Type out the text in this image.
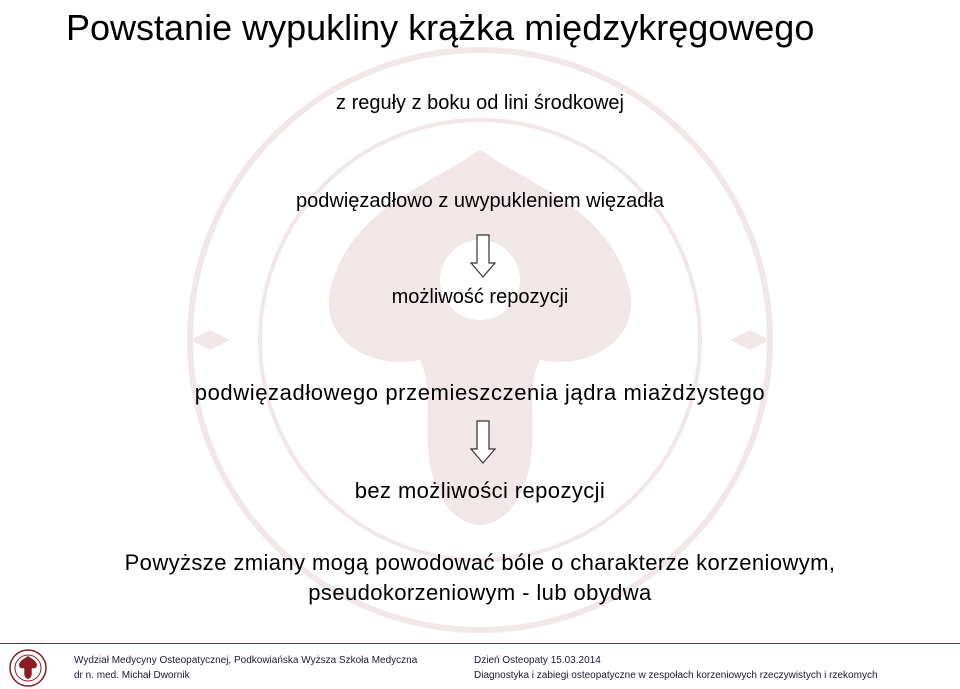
Powstanie wypukliny krążka międzykręgowego

z reguły z boku od lini środkowej

podwięzadłowo z uwypukleniem więzadła

możliwość repozycji

podwięzadłowego przemieszczenia jądra miażdżystego

bez możliwości repozycji

Powyższe zmiany mogą powodować bóle o charakterze korzeniowym,
pseudokorzeniowym - lub obydwa
Wydział Medycyny Osteopatycznej, Podkowiańska Wyższa Szkoła Medyczna
dr n. med. Michał Dwornik
Dzień Osteopaty 15.03.2014
Diagnostyka i zabiegi osteopatyczne w zespołach korzeniowych rzeczywistych i rzekomych
